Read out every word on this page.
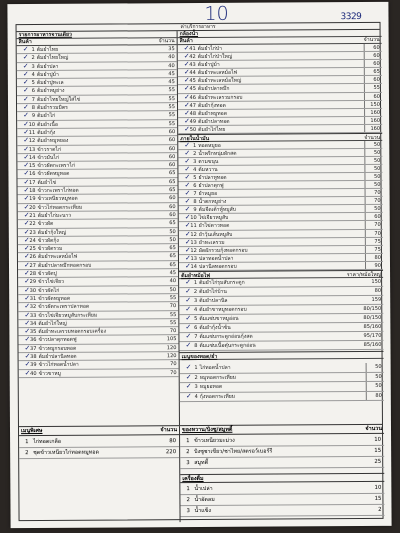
10	3329
ค่าบริการอาหาร
รายการอาหารจานเดียว
สินค้า	จำนวน
✓ 1 ต้มยำไทย	35
✓ 2 ต้มยำไทยใหญ่	40
✓ 3 ต้มยำปลา	40
✓ 4 ต้มยำปูม้า	45
✓ 5 ต้มยำปูทะเล	45
✓ 6 ต้มยำหมูย่าง	55
✓ 7 ต้มยำไทยใหญ่ใส่ไข่	55
✓ 8 ต้มยำรวมมิตร	55
✓ 9 ต้มยำไก่	55
✓ 10 ต้มยำเนื้อ	55
✓ 11 ต้มยำกุ้ง	60
✓ 12 ต้มยำหมูหยอง	60
✓ 13 ข้าวราดไก่	60
✓ 14 ข้าวมันไก่	60
✓ 15 ข้าวผัดกะเพราไก่	60
✓ 16 ข้าวผัดหมูทอด	65
✓ 17 ต้มยำไข่	65
✓ 18 ข้าวกะเพราไก่ทอด	65
✓ 19 ข้าวเหนียวหมูทอด	60
✓ 20 ข้าวไก่ทอดกระเทียม	60
✓ 21 ต้มยำไก่มะนาว	60
✓ 22 ข้าวผัด	65
✓ 23 ต้มยำกุ้งใหญ่	50
✓ 24 ข้าวผัดกุ้ง	50
✓ 25 ข้าวผัดรวม	65
✓ 26 ต้มยำทะเลหม้อไฟ	65
✓ 27 ต้มยำปลาหมึกทอดกรอบ	65
✓ 28 ข้าวผัดปู	45
✓ 29 ข้าวไข่เจียว	40
✓ 30 ข้าวผัดไก่	50
✓ 31 ข้าวผัดหมูทอด	55
✓ 32 ข้าวผัดกะเพราปลาทอด	70
✓ 33 ข้าวไข่เจียวหมูสับกระเทียม	55
✓ 34 ต้มยำไก่ใหญ่	55
✓ 35 ต้มยำทะเลรวมทอดกรอบเครื่อง	70
✓ 36 ข้าวปลาดุกทอดฟู	105
✓ 37 ข้าวหมูกรอบทอด	120
✓ 38 ต้มยำปลานิลทอด	120
✓ 39 ข้าวไก่ทอดน้ำปลา	70
✓ 40 ข้าวขาหมู	70
กล้องน้ำ
สินค้า	จำนวน
✓ 41 ต้มยำไก่ป่า	60
✓ 42 ต้มยำไก่ป่าใหญ่	60
✓ 43 ต้มยำปูม้า	60
✓ 44 ต้มยำทะเลหม้อไฟ	65
✓ 45 ต้มยำทะเลหม้อใหญ่	60
✓ 45 ต้มยำปลาหมึก	55
✓ 46 ต้มยำทะเลรวมกรอบ	60
✓ 47 ต้มยำกุ้งทอด	150
✓ 48 ต้มยำหมูทอด	160
✓ 49 ต้มยำปลาทอด	160
✓ 50 ต้มยำไก่ไทย	160
ภายในน้ำมัน	จำนวน
✓ 1 ทอดหมูยอ	50
✓ 2 น้ำพริกหนุ่มผักสด	50
✓ 3 ตามขนุน	50
✓ 4 ต้มหวาน	50
✓ 5 ยำปลาทูทอด	50
✓ 6 ยำปลาดุกฟู	50
✓ 7 ยำหมูยอ	70
✓ 8 น้ำตกหมูย่าง	70
✓ 9 ต้มจืดเต้าหู้หมูสับ	50
✓ 10 ไข่เจียวหมูสับ	60
✓ 11 ยำไข่ดาวทอด	70
✓ 12 ยำวุ้นเส้นหมูสับ	70
✓ 13 ยำทะเลรวม	75
✓ 12 ผัดผักรวมกุ้งทอดกรอบ	75
✓ 13 ปลาทอดน้ำปลา	80
✓ 14 ปลานิลทอดกรอบ	90
ต้มยำหม้อไฟ	ราคา/หม้อใหญ่
✓ 1 ต้มยำไก่รุมสับกระดูก	150
✓ 2 ต้มยำไก่บ้าน	80
✓ 3 ต้มยำปลานิล	159
✓ 4 ต้มยำขาหมูทอดกรอบ	80/150
✓ 5 ต้มแซ่บขาหมูอ่อน	80/150
✓ 6 ต้มยำกุ้งน้ำข้น	85/160
✓ 7 ต้มแซ่บกระดูกอ่อนกุ้งสด	95/170
✓ 8 ต้มแซ่บเนื้อตุ๋นกระดูกอ่อน	85/160
เมนูของทอด/ยำ
✓ 1 ไก่ทอดน้ำปลา	50
✓ 2 หมูทอดกระเทียม	50
✓ 3 หมูยอทอด	50
✓ 4 กุ้งทอดกระเทียม	80
เมนูพิเศษ	จำนวน
1 ไก่ทอดเกลือ	80
2 ชุดข้าวเหนียวไก่ทอดหมูทอด	220
ของหวาน/บิงซู/สมูทตี้	จำนวน
1 ข้าวเหนียวมะม่วง	10
2 บิงซูชาเขียว/ชาไทย/สตรอว์เบอร์รี	15
3 สมูทตี้	25
เครื่องดื่ม
1 น้ำเปล่า	10
2 น้ำอัดลม	15
3 น้ำแข็ง	2
